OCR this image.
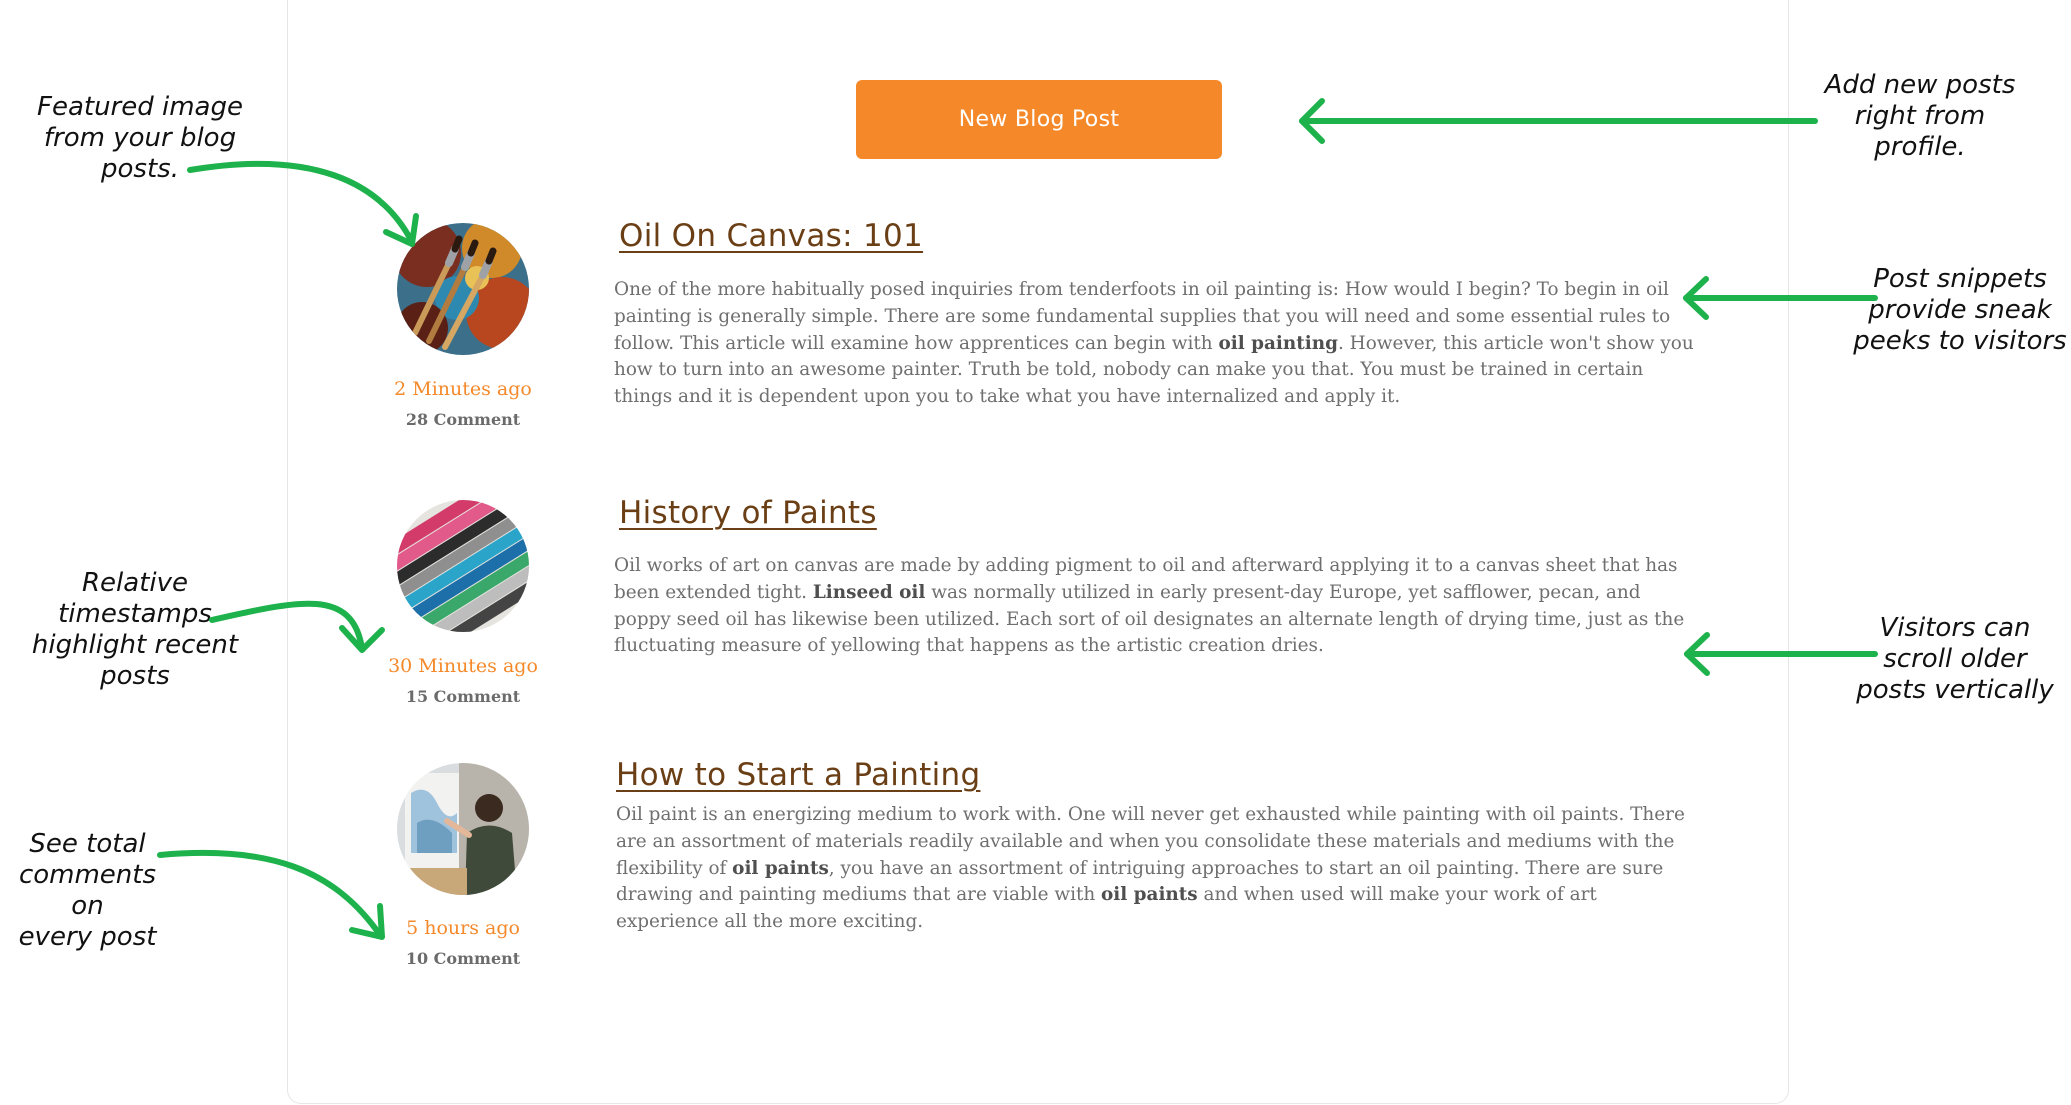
New Blog Post
2 Minutes ago
28 Comment
Oil On Canvas: 101
One of the more habitually posed inquiries from tenderfoots in oil painting is: How would I begin? To begin in oil painting is generally simple. There are some fundamental supplies that you will need and some essential rules to follow. This article will examine how apprentices can begin with oil painting. However, this article won't show you how to turn into an awesome painter. Truth be told, nobody can make you that. You must be trained in certain things and it is dependent upon you to take what you have internalized and apply it.
30 Minutes ago
15 Comment
History of Paints
Oil works of art on canvas are made by adding pigment to oil and afterward applying it to a canvas sheet that has been extended tight. Linseed oil was normally utilized in early present-day Europe, yet safflower, pecan, and poppy seed oil has likewise been utilized. Each sort of oil designates an alternate length of drying time, just as the fluctuating measure of yellowing that happens as the artistic creation dries.
5 hours ago
10 Comment
How to Start a Painting
Oil paint is an energizing medium to work with. One will never get exhausted while painting with oil paints. There are an assortment of materials readily available and when you consolidate these materials and mediums with the flexibility of oil paints, you have an assortment of intriguing approaches to start an oil painting. There are sure drawing and painting mediums that are viable with oil paints and when used will make your work of art experience all the more exciting.
Featured image
from your blog
posts.
Relative
timestamps
highlight recent
posts
See total
comments on
every post
Add new posts
right from
profile.
Post snippets
provide sneak
peeks to visitors
Visitors can
scroll older
posts vertically
